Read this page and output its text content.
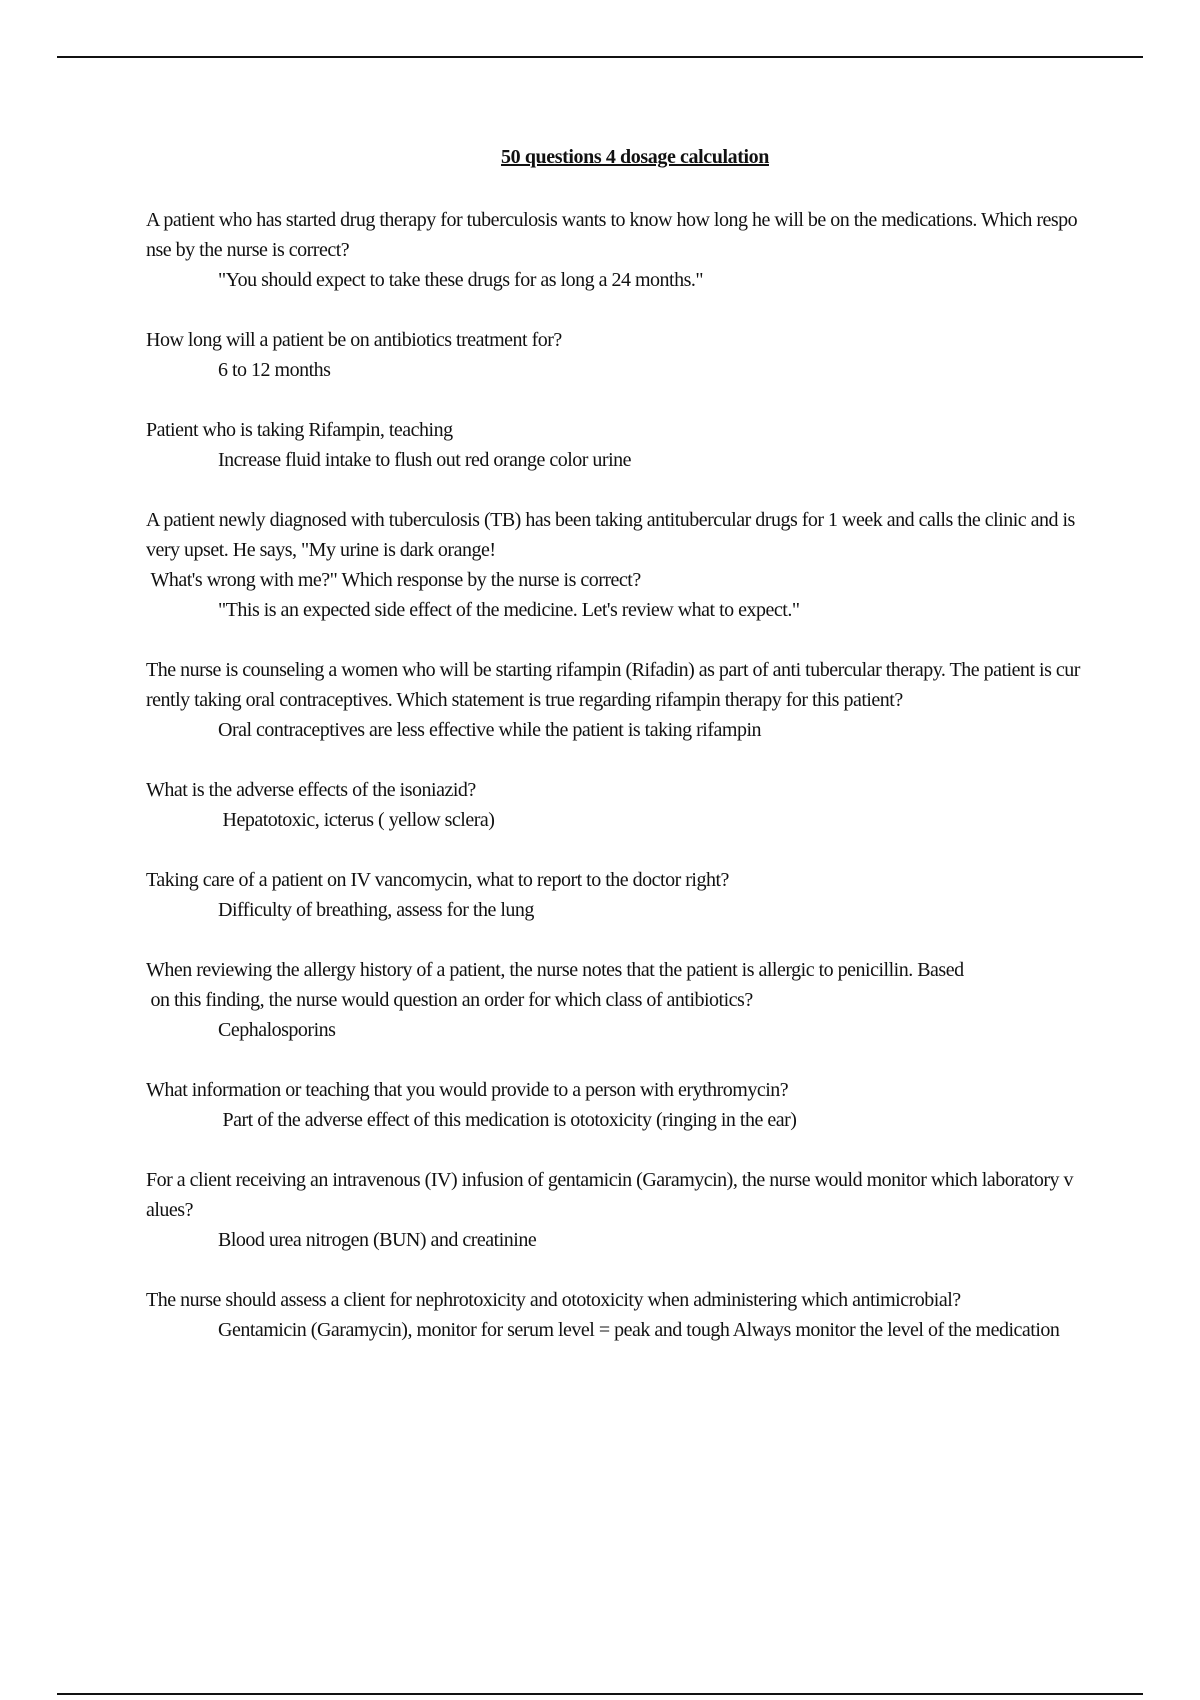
50 questions 4 dosage calculation
A patient who has started drug therapy for tuberculosis wants to know how long he will be on the medications. Which response by the nurse is correct?
"You should expect to take these drugs for as long a 24 months."
How long will a patient be on antibiotics treatment for?
6 to 12 months
Patient who is taking Rifampin, teaching
Increase fluid intake to flush out red orange color urine
A patient newly diagnosed with tuberculosis (TB) has been taking antitubercular drugs for 1 week and calls the clinic and is very upset. He says, "My urine is dark orange!
What's wrong with me?" Which response by the nurse is correct?
"This is an expected side effect of the medicine. Let's review what to expect."
The nurse is counseling a women who will be starting rifampin (Rifadin) as part of anti tubercular therapy. The patient is currently taking oral contraceptives. Which statement is true regarding rifampin therapy for this patient?
Oral contraceptives are less effective while the patient is taking rifampin
What is the adverse effects of the isoniazid?
Hepatotoxic, icterus ( yellow sclera)
Taking care of a patient on IV vancomycin, what to report to the doctor right?
Difficulty of breathing, assess for the lung
When reviewing the allergy history of a patient, the nurse notes that the patient is allergic to penicillin. Based
on this finding, the nurse would question an order for which class of antibiotics?
Cephalosporins
What information or teaching that you would provide to a person with erythromycin?
Part of the adverse effect of this medication is ototoxicity (ringing in the ear)
For a client receiving an intravenous (IV) infusion of gentamicin (Garamycin), the nurse would monitor which laboratory values?
Blood urea nitrogen (BUN) and creatinine
The nurse should assess a client for nephrotoxicity and ototoxicity when administering which antimicrobial?
Gentamicin (Garamycin), monitor for serum level = peak and tough Always monitor the level of the medication
